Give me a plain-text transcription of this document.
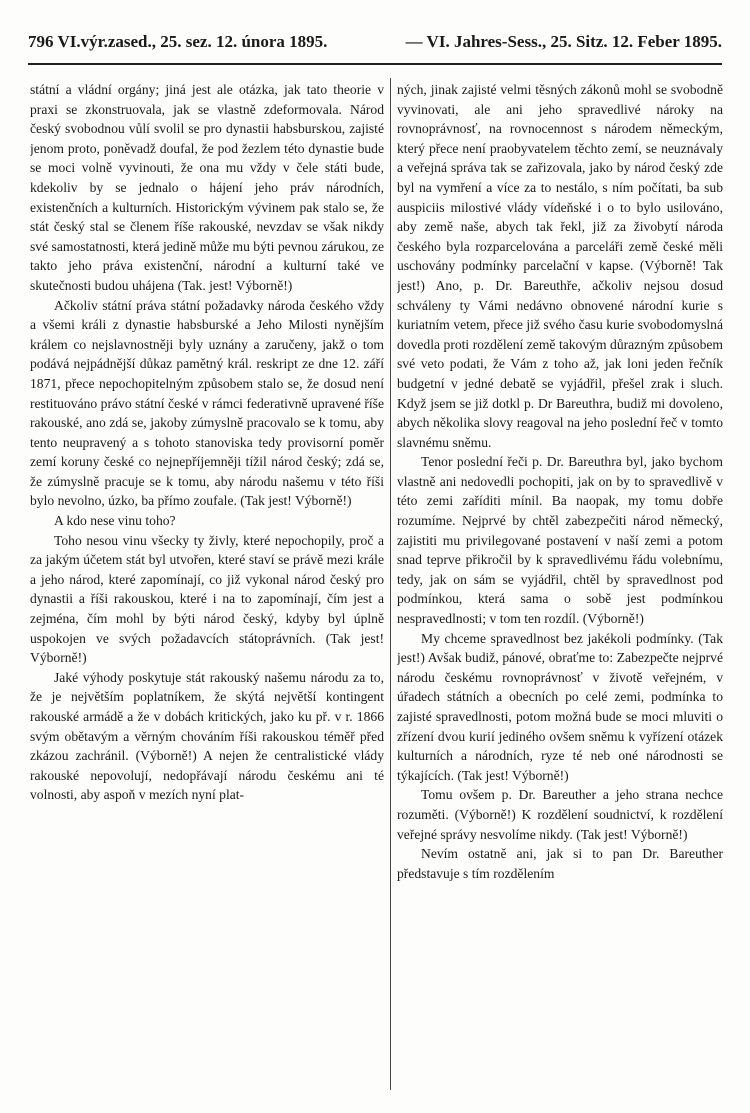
796 VI.výr.zased., 25. sez. 12. února 1895.	— VI. Jahres-Sess., 25. Sitz. 12. Feber 1895.

státní a vládní orgány; jiná jest ale otázka, jak tato theorie v praxi se zkonstruovala, jak se vlastně zdeformovala. Národ český svobodnou vůlí svolil se pro dynastii habsburskou, zajisté jenom proto, poněvadž doufal, že pod žezlem této dynastie bude se moci volně vyvinouti, že ona mu vždy v čele státi bude, kdekoliv by se jednalo o hájení jeho práv národních, existenčních a kulturních. Historickým vývinem pak stalo se, že stát český stal se členem říše rakouské, nevzdav se však nikdy své samostatnosti, která jedině může mu býti pevnou zárukou, ze takto jeho práva existenční, národní a kulturní také ve skutečnosti budou uhájena (Tak. jest! Výborně!)

Ačkoliv státní práva státní požadavky národa českého vždy a všemi králi z dynastie habsburské a Jeho Milosti nynějším králem co nejslavnostněji byly uznány a zaručeny, jakž o tom podává nejpádnější důkaz pamětný král. reskript ze dne 12. září 1871, přece nepochopitelným způsobem stalo se, že dosud není restituováno právo státní české v rámci federativně upravené říše rakouské, ano zdá se, jakoby zúmyslně pracovalo se k tomu, aby tento neupravený a s tohoto stanoviska tedy provisorní poměr zemí koruny české co nejnepříjemněji tížil národ český; zdá se, že zúmyslně pracuje se k tomu, aby národu našemu v této říši bylo nevolno, úzko, ba přímo zoufale. (Tak jest! Výborně!)

A kdo nese vinu toho?

Toho nesou vinu všecky ty živly, které nepochopily, proč a za jakým účetem stát byl utvořen, které staví se právě mezi krále a jeho národ, které zapomínají, co již vykonal národ český pro dynastii a říši rakouskou, které i na to zapomínají, čím jest a zejména, čím mohl by býti národ český, kdyby byl úplně uspokojen ve svých požadavcích státoprávních. (Tak jest! Výborně!)

Jaké výhody poskytuje stát rakouský našemu národu za to, že je největším poplatníkem, že skýtá největší kontingent rakouské armádě a že v dobách kritických, jako ku př. v r. 1866 svým obětavým a věrným chováním říši rakouskou téměř před zkázou zachránil. (Výborně!) A nejen že centralistické vlády rakouské nepovolují, nedopřávají národu českému ani té volnosti, aby aspoň v mezích nyní plat-

ných, jinak zajisté velmi těsných zákonů mohl se svobodně vyvinovati, ale ani jeho spravedlivé nároky na rovnoprávnosť, na rovnocennost s národem německým, který přece není praobyvatelem těchto zemí, se neuznávaly a veřejná správa tak se zařizovala, jako by národ český zde byl na vymření a více za to nestálo, s ním počítati, ba sub auspiciis milostivé vlády vídeňské i o to bylo usilováno, aby země naše, abych tak řekl, již za živobytí národa českého byla rozparcelována a parceláři země české měli uschovány podmínky parcelační v kapse. (Výborně! Tak jest!) Ano, p. Dr. Bareuthře, ačkoliv nejsou dosud schváleny ty Vámi nedávno obnovené národní kurie s kuriatním vetem, přece již svého času kurie svobodomyslná dovedla proti rozdělení země takovým důrazným způsobem své veto podati, že Vám z toho až, jak loni jeden řečník budgetní v jedné debatě se vyjádřil, přešel zrak i sluch. Když jsem se již dotkl p. Dr Bareuthra, budiž mi dovoleno, abych několika slovy reagoval na jeho poslední řeč v tomto slavnému sněmu.

Tenor poslední řeči p. Dr. Bareuthra byl, jako bychom vlastně ani nedovedli pochopiti, jak on by to spravedlivě v této zemi zaříditi mínil. Ba naopak, my tomu dobře rozumíme. Nejprvé by chtěl zabezpečiti národ německý, zajistiti mu privilegované postavení v naší zemi a potom snad teprve přikročil by k spravedlivému řádu volebnímu, tedy, jak on sám se vyjádřil, chtěl by spravedlnost pod podmínkou, která sama o sobě jest podmínkou nespravedlnosti; v tom ten rozdíl. (Výborně!)

My chceme spravedlnost bez jakékoli podmínky. (Tak jest!) Avšak budiž, pánové, obraťme to: Zabezpečte nejprvé národu českému rovnoprávnosť v životě veřejném, v úřadech státních a obecních po celé zemi, podmínka to zajisté spravedlnosti, potom možná bude se moci mluviti o zřízení dvou kurií jediného ovšem sněmu k vyřízení otázek kulturních a národních, ryze té neb oné národnosti se týkajících. (Tak jest! Výborně!)

Tomu ovšem p. Dr. Bareuther a jeho strana nechce rozuměti. (Výborně!) K rozdělení soudnictví, k rozdělení veřejné správy nesvolíme nikdy. (Tak jest! Výborně!)

Nevím ostatně ani, jak si to pan Dr. Bareuther představuje s tím rozdělením
